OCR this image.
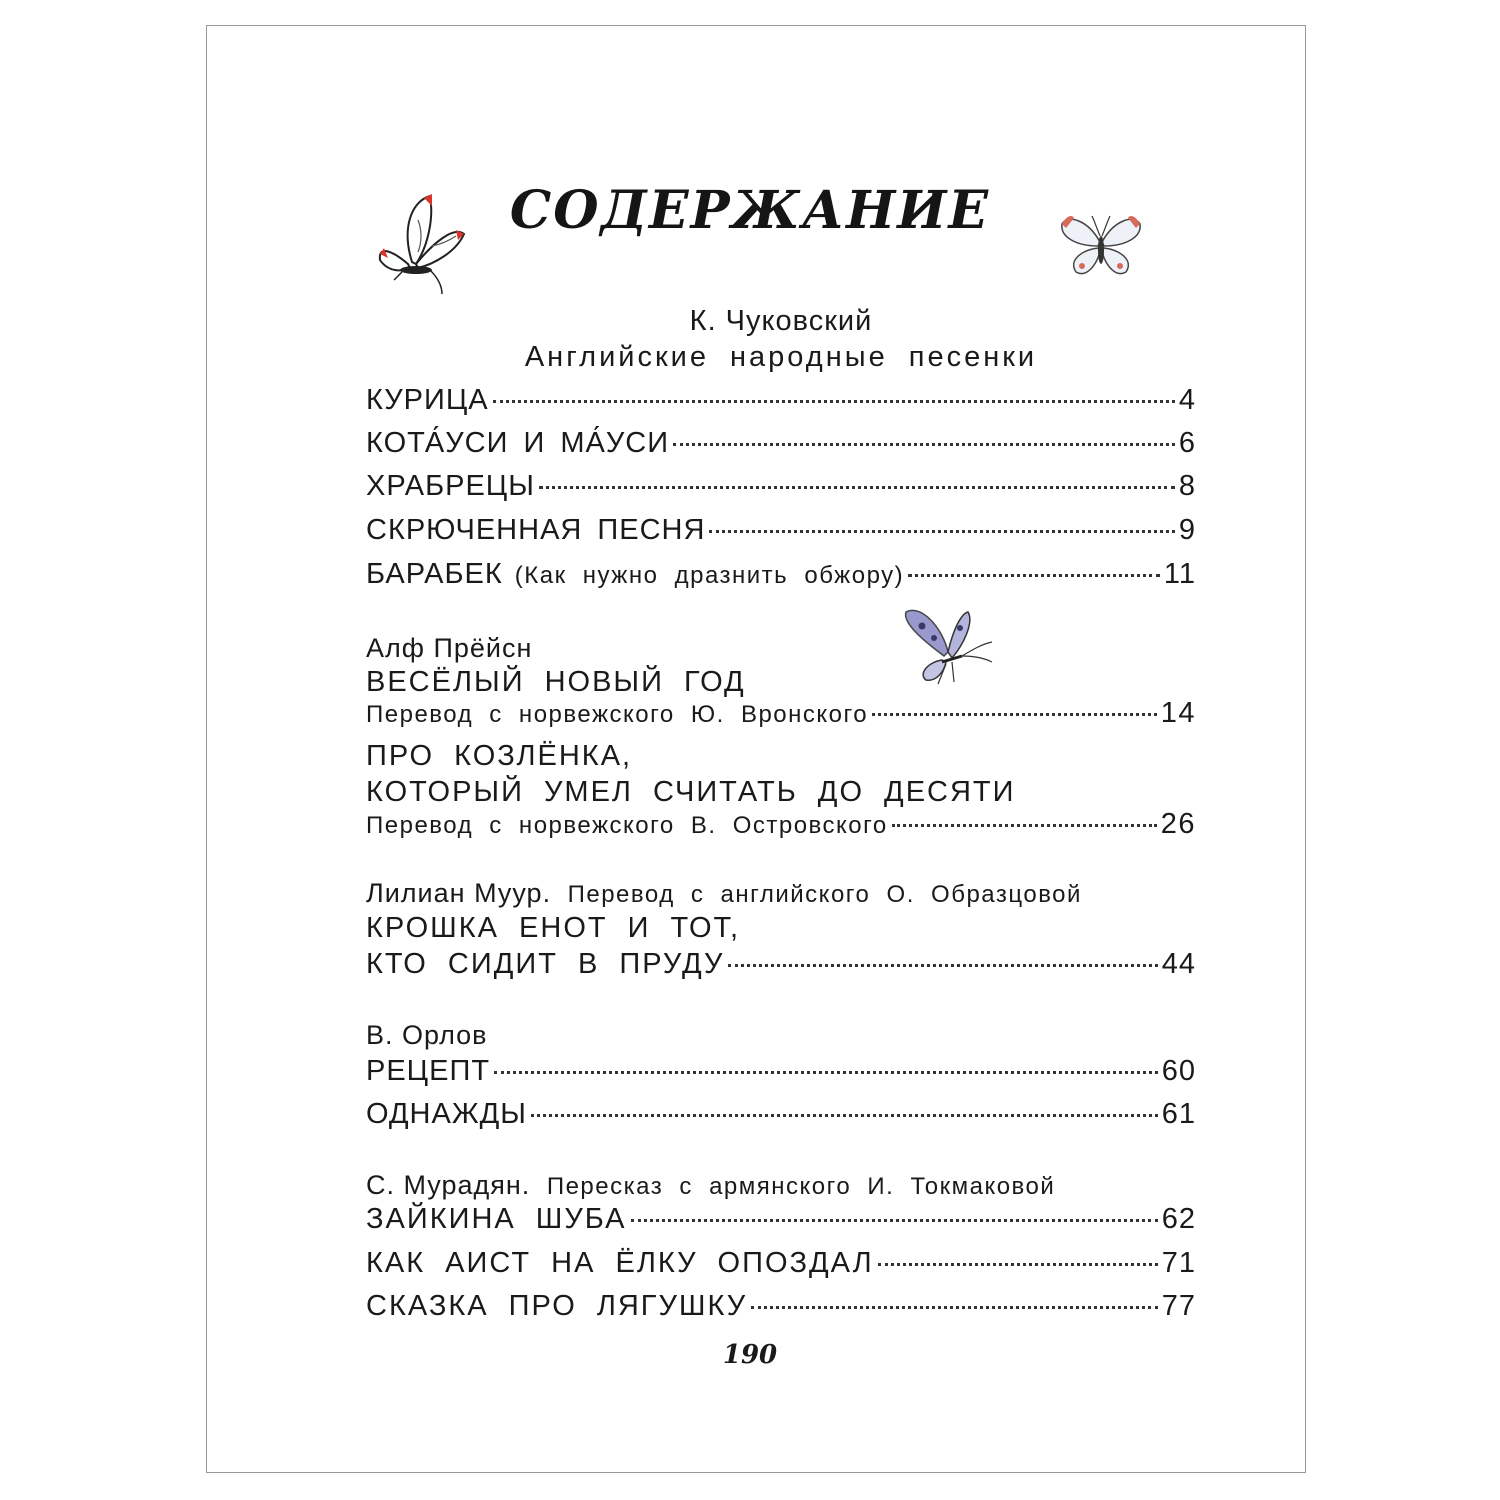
СОДЕРЖАНИЕ
К. Чуковский
Английские народные песенки
КУРИЦА	4
КОТА́УСИ И МА́УСИ	6
ХРАБРЕЦЫ	8
СКРЮЧЕННАЯ ПЕСНЯ	9
БАРАБЕК (Как нужно дразнить обжору)	11
Алф Прёйсн
ВЕСЁЛЫЙ НОВЫЙ ГОД
Перевод с норвежского Ю. Вронского	14
ПРО КОЗЛЁНКА,
КОТОРЫЙ УМЕЛ СЧИТАТЬ ДО ДЕСЯТИ
Перевод с норвежского В. Островского	26
Лилиан Муур. Перевод с английского О. Образцовой
КРОШКА ЕНОТ И ТОТ,
КТО СИДИТ В ПРУДУ	44
В. Орлов
РЕЦЕПТ	60
ОДНАЖДЫ	61
С. Мурадян. Пересказ с армянского И. Токмаковой
ЗАЙКИНА ШУБА	62
КАК АИСТ НА ЁЛКУ ОПОЗДАЛ	71
СКАЗКА ПРО ЛЯГУШКУ	77
190
